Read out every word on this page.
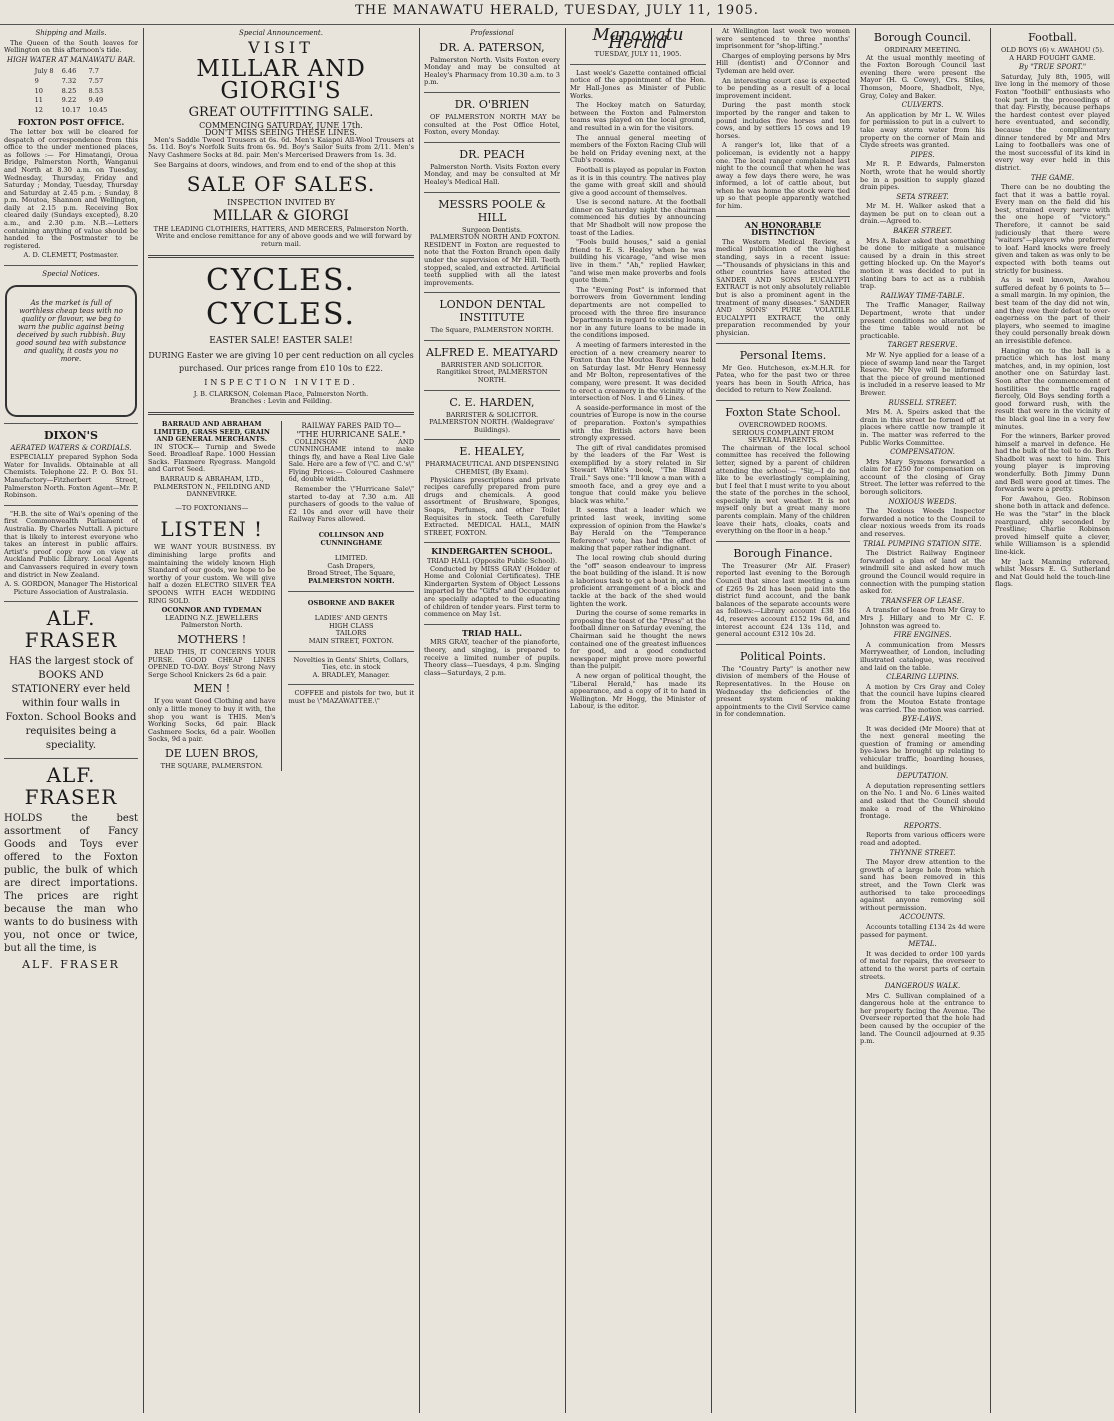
THE MANAWATU HERALD, TUESDAY, JULY 11, 1905.
Shipping and Mails.

The Queen of the South leaves for Wellington on this afternoon's tide.

HIGH WATER AT MANAWATU BAR.
July 8	6.46	7.7
9	7.32	7.57
10	8.25	8.53
11	9.22	9.49
12	10.17	10.45
FOXTON POST OFFICE.

The letter box will be cleared for despatch of correspondence from this office to the under mentioned places, as follows :— For Himatangi, Oroua Bridge, Palmerston North, Wanganui and North at 8.30 a.m. on Tuesday, Wednesday, Thursday, Friday and Saturday ; Monday, Tuesday, Thursday and Saturday at 2.45 p.m. ; Sunday, 8 p.m. Moutoa, Shannon and Wellington, daily at 2.15 p.m. Receiving Box cleared daily (Sundays excepted), 8.20 a.m., and 2.30 p.m. N.B.—Letters containing anything of value should be handed to the Postmaster to be registered.

A. D. CLEMETT, Postmaster.
Special Notices.
As the market is full of worthless cheap teas with no quality or flavour, we beg to warn the public against being deceived by such rubbish. Buy good sound tea with substance and quality, it costs you no more.
DIXON'S
AERATED WATERS & CORDIALS.

ESPECIALLY prepared Syphon Soda Water for Invalids. Obtainable at all Chemists. Telephone 22. P. O. Box 51. Manufactory—Fitzherbert Street, Palmerston North. Foxton Agent—Mr. P. Robinson.

"H.B. the site of Wai's opening of the first Commonwealth Parliament of Australia. By Charles Nuttall. A picture that is likely to interest everyone who takes an interest in public affairs. Artist's proof copy now on view at Auckland Public Library. Local Agents and Canvassers required in every town and district in New Zealand.

A. S. GORDON, Manager The Historical Picture Association of Australasia.
ALF. FRASER
HAS the largest stock of BOOKS AND STATIONERY ever held within four walls in Foxton. School Books and requisites being a speciality.
ALF. FRASER
HOLDS the best assortment of Fancy Goods and Toys ever offered to the Foxton public, the bulk of which are direct importations. The prices are right because the man who wants to do business with you, not once or twice, but all the time, is
ALF. FRASER
Special Announcement.
VISIT
MILLAR AND GIORGI'S
GREAT OUTFITTING SALE.
COMMENCING SATURDAY, JUNE 17th.
DON'T MISS SEEING THESE LINES.

Men's Saddle Tweed Trousers at 6s. 6d. Men's Kaiapoi All-Wool Trousers at 5s. 11d. Boy's Norfolk Suits from 6s. 9d. Boy's Sailor Suits from 2/11. Men's Navy Cashmere Socks at 8d. pair. Men's Mercerised Drawers from 1s. 3d.

See Bargains at doors, windows, and from end to end of the shop at this

SALE OF SALES.
INSPECTION INVITED BY
MILLAR & GIORGI
THE LEADING CLOTHIERS, HATTERS, AND MERCERS, Palmerston North.

Write and enclose remittance for any of above goods and we will forward by return mail.

CYCLES. CYCLES.
EASTER SALE! EASTER SALE!
DURING Easter we are giving 10 per cent reduction on all cycles purchased. Our prices range from £10 10s to £22.
INSPECTION INVITED.
J. B. CLARKSON, Coleman Place, Palmerston North.
Branches : Levin and Feilding.
BARRAUD AND ABRAHAM LIMITED, GRASS SEED, GRAIN AND GENERAL MERCHANTS.

IN STOCK— Turnip and Swede Seed. Broadleaf Rape. 1000 Hessian Sacks. Flaxmere Ryegrass. Mangold and Carrot Seed.

BARRAUD & ABRAHAM, LTD., PALMERSTON N., FEILDING AND DANNEVIRKE.
—TO FOXTONIANS—
LISTEN !

WE WANT YOUR BUSINESS. BY diminishing large profits and maintaining the widely known High Standard of our goods, we hope to be worthy of your custom. We will give half a dozen ELECTRO SILVER TEA SPOONS WITH EACH WEDDING RING SOLD.

OCONNOR AND TYDEMAN
LEADING N.Z. JEWELLERS Palmerston North.
MOTHERS !

READ THIS, IT CONCERNS YOUR PURSE. GOOD CHEAP LINES OPENED TO-DAY. Boys' Strong Navy Serge School Knickers 2s 6d a pair.

MEN !

If you want Good Clothing and have only a little money to buy it with, the shop you want is THIS. Men's Working Socks, 6d pair. Black Cashmere Socks, 6d a pair. Woollen Socks, 9d a pair.

DE LUEN BROS,
THE SQUARE, PALMERSTON.
RAILWAY FARES PAID TO—
"THE HURRICANE SALE."

COLLINSON AND CUNNINGHAME intend to make things fly, and have a Real Live Gale Sale. Here are a few of \"C. and C.'s\" Flying Prices:— Coloured Cashmere 6d, double width.

Remember the \"Hurricane Sale\" started to-day at 7.30 a.m. All purchasers of goods to the value of £2 10s and over will have their Railway Fares allowed.

COLLINSON AND CUNNINGHAME
LIMITED.
Cash Drapers,
Broad Street, The Square,
PALMERSTON NORTH.
OSBORNE AND BAKER
LADIES' AND GENTS
HIGH CLASS
TAILORS
MAIN STREET, FOXTON.
Novelties in Gents' Shirts, Collars, Ties, etc. in stock
A. BRADLEY, Manager.

COFFEE and pistols for two, but it must be \"MAZAWATTEE.\"

Professional
DR. A. PATERSON,

Palmerston North. Visits Foxton every Monday and may be consulted at Healey's Pharmacy from 10.30 a.m. to 3 p.m.

DR. O'BRIEN

OF PALMERSTON NORTH MAY be consulted at the Post Office Hotel, Foxton, every Monday.

DR. PEACH

Palmerston North. Visits Foxton every Monday, and may be consulted at Mr Healey's Medical Hall.

MESSRS POOLE & HILL
Surgeon Dentists.

PALMERSTON NORTH AND FOXTON. RESIDENT in Foxton are requested to note that the Foxton Branch open daily under the supervision of Mr Hill. Teeth stopped, scaled, and extracted. Artificial teeth supplied with all the latest improvements.

LONDON DENTAL INSTITUTE
The Square, PALMERSTON NORTH.
ALFRED E. MEATYARD
BARRISTER AND SOLICITOR. Rangitikei Street, PALMERSTON NORTH.
C. E. HARDEN,
BARRISTER & SOLICITOR. PALMERSTON NORTH. (Waldegrave' Buildings).
E. HEALEY,
PHARMACEUTICAL AND DISPENSING CHEMIST, (By Exam).

Physicians prescriptions and private recipes carefully prepared from pure drugs and chemicals. A good assortment of Brushware, Sponges, Soaps, Perfumes, and other Toilet Requisites in stock. Teeth Carefully Extracted. MEDICAL HALL, MAIN STREET, FOXTON.

KINDERGARTEN SCHOOL.
TRIAD HALL (Opposite Public School).

Conducted by MISS GRAY (Holder of Home and Colonial Certificates). THE Kindergarten System of Object Lessons imparted by the "Gifts" and Occupations are specially adapted to the educating of children of tender years. First term to commence on May 1st.

TRIAD HALL.

MRS GRAY, teacher of the pianoforte, theory, and singing, is prepared to receive a limited number of pupils. Theory class—Tuesdays, 4 p.m. Singing class—Saturdays, 2 p.m.

Manawatu Herald
TUESDAY, JULY 11, 1905.

Last week's Gazette contained official notice of the appointment of the Hon. Mr Hall-Jones as Minister of Public Works.

The Hockey match on Saturday, between the Foxton and Palmerston teams was played on the local ground, and resulted in a win for the visitors.

The annual general meeting of members of the Foxton Racing Club will be held on Friday evening next, at the Club's rooms.

Football is played as popular in Foxton as it is in this country. The natives play the game with great skill and should give a good account of themselves.

Use is second nature. At the football dinner on Saturday night the chairman commenced his duties by announcing that Mr Shadbolt will now propose the toast of the Ladies.

"Fools build houses," said a genial friend to E. S. Healey when he was building his vicarage, "and wise men live in them." "Ah," replied Hawker, "and wise men make proverbs and fools quote them."

The "Evening Post" is informed that borrowers from Government lending departments are not compelled to proceed with the three fire insurance Departments in regard to existing loans, nor in any future loans to be made in the conditions imposed.

A meeting of farmers interested in the erection of a new creamery nearer to Foxton than the Moutoa Road was held on Saturday last. Mr Henry Hennessy and Mr Bolton, representatives of the company, were present. It was decided to erect a creamery in the vicinity of the intersection of Nos. 1 and 6 Lines.

A seaside-performance in most of the countries of Europe is now in the course of preparation. Foxton's sympathies with the British actors have been strongly expressed.

The gift of rival candidates promised by the leaders of the Far West is exemplified by a story related in Sir Stewart White's book, "The Blazed Trail." Says one: "I'll know a man with a smooth face, and a grey eye and a tongue that could make you believe black was white."

It seems that a leader which we printed last week, inviting some expression of opinion from the Hawke's Bay Herald on the "Temperance Reference" vote, has had the effect of making that paper rather indignant.

The local rowing club should during the "off" season endeavour to impress the boat building of the island. It is now a laborious task to get a boat in, and the proficient arrangement of a block and tackle at the back of the shed would lighten the work.

During the course of some remarks in proposing the toast of the "Press" at the football dinner on Saturday evening, the Chairman said he thought the news contained one of the greatest influences for good, and a good conducted newspaper might prove more powerful than the pulpit.

A new organ of political thought, the "Liberal Herald," has made its appearance, and a copy of it to hand in Wellington. Mr Hogg, the Minister of Labour, is the editor.

At Wellington last week two women were sentenced to three months' imprisonment for "shop-lifting."

Charges of employing persons by Mrs Hill (dentist) and O'Connor and Tydeman are held over.

An interesting court case is expected to be pending as a result of a local improvement incident.

During the past month stock imported by the ranger and taken to pound includes five horses and ten cows, and by settlers 15 cows and 19 horses.

A ranger's lot, like that of a policeman, is evidently not a happy one. The local ranger complained last night to the council that when he was away a few days there were, he was informed, a lot of cattle about, but when he was home the stock were tied up so that people apparently watched for him.

AN HONORABLE DISTINCTION

The Western Medical Review, a medical publication of the highest standing, says in a recent issue:—"Thousands of physicians in this and other countries have attested the SANDER AND SONS EUCALYPTI EXTRACT is not only absolutely reliable but is also a prominent agent in the treatment of many diseases." SANDER AND SONS' PURE VOLATILE EUCALYPTI EXTRACT, the only preparation recommended by your physician.

Personal Items.

Mr Geo. Hutcheson, ex-M.H.R. for Patea, who for the past two or three years has been in South Africa, has decided to return to New Zealand.

Foxton State School.
OVERCROWDED ROOMS.
SERIOUS COMPLAINT FROM SEVERAL PARENTS.

The chairman of the local school committee has received the following letter, signed by a parent of children attending the school:— "Sir,—I do not like to be everlastingly complaining, but I feel that I must write to you about the state of the porches in the school, especially in wet weather. It is not myself only but a great many more parents complain. Many of the children leave their hats, cloaks, coats and everything on the floor in a heap."

Borough Finance.

The Treasurer (Mr Alf. Fraser) reported last evening to the Borough Council that since last meeting a sum of £265 9s 2d has been paid into the district fund account, and the bank balances of the separate accounts were as follows:—Library account £38 16s 4d, reserves account £152 19s 6d, and interest account £24 13s 11d, and general account £312 10s 2d.

Political Points.

The "Country Party" is another new division of members of the House of Representatives. In the House on Wednesday the deficiencies of the present system of making appointments to the Civil Service came in for condemnation.

Borough Council.
ORDINARY MEETING.

At the usual monthly meeting of the Foxton Borough Council last evening there were present the Mayor (H. G. Cowey), Crs. Stiles, Thomson, Moore, Shadbolt, Nye, Gray, Coley and Baker.

CULVERTS.

An application by Mr L. W. Wiles for permission to put in a culvert to take away storm water from his property on the corner of Main and Clyde streets was granted.

PIPES.

Mr R. P. Edwards, Palmerston North, wrote that he would shortly be in a position to supply glazed drain pipes.

SETA STREET.

Mr M. H. Walker asked that a daymen be put on to clean out a drain.—Agreed to.

BAKER STREET.

Mrs A. Baker asked that something be done to mitigate a nuisance caused by a drain in this street getting blocked up. On the Mayor's motion it was decided to put in slanting bars to act as a rubbish trap.

RAILWAY TIME-TABLE.

The Traffic Manager, Railway Department, wrote that under present conditions no alteration of the time table would not be practicable.

TARGET RESERVE.

Mr W. Nye applied for a lease of a piece of swamp land near the Target Reserve. Mr Nye will be informed that the piece of ground mentioned is included in a reserve leased to Mr Brewer.

RUSSELL STREET.

Mrs M. A. Speirs asked that the drain in this street be formed off at places where cattle now trample it in. The matter was referred to the Public Works Committee.

COMPENSATION.

Mrs Mary Symons forwarded a claim for £250 for compensation on account of the closing of Gray Street. The letter was referred to the borough solicitors.

NOXIOUS WEEDS.

The Noxious Weeds Inspector forwarded a notice to the Council to clear noxious weeds from its roads and reserves.

TRIAL PUMPING STATION SITE.

The District Railway Engineer forwarded a plan of land at the windmill site and asked how much ground the Council would require in connection with the pumping station asked for.

TRANSFER OF LEASE.

A transfer of lease from Mr Gray to Mrs J. Hillary and to Mr C. F. Johnston was agreed to.

FIRE ENGINES.

A communication from Messrs Merryweather, of London, including illustrated catalogue, was received and laid on the table.

CLEARING LUPINS.

A motion by Crs Gray and Coley that the council have lupins cleared from the Moutoa Estate frontage was carried. The motion was carried.

BYE-LAWS.

It was decided (Mr Moore) that at the next general meeting the question of framing or amending bye-laws be brought up relating to vehicular traffic, boarding houses, and buildings.

DEPUTATION.

A deputation representing settlers on the No. 1 and No. 6 Lines waited and asked that the Council should make a road of the Whirokino frontage.

REPORTS.

Reports from various officers were read and adopted.

THYNNE STREET.

The Mayor drew attention to the growth of a large hole from which sand has been removed in this street, and the Town Clerk was authorised to take proceedings against anyone removing soil without permission.

ACCOUNTS.

Accounts totalling £134 2s 4d were passed for payment.

METAL.

It was decided to order 100 yards of metal for repairs, the overseer to attend to the worst parts of certain streets.

DANGEROUS WALK.

Mrs C. Sullivan complained of a dangerous hole at the entrance to her property facing the Avenue. The Overseer reported that the hole had been caused by the occupier of the land. The Council adjourned at 9.35 p.m.

Football.
OLD BOYS (6) v. AWAHOU (5).
A HARD FOUGHT GAME.
By "TRUE SPORT."

Saturday, July 8th, 1905, will live long in the memory of those Foxton "footbill" enthusiasts who took part in the proceedings of that day. Firstly, because perhaps the hardest contest ever played here eventuated, and secondly, because the complimentary dinner tendered by Mr and Mrs Laing to footballers was one of the most successful of its kind in every way ever held in this district.

THE GAME.

There can be no doubting the fact that it was a battle royal. Every man on the field did his best, strained every nerve with the one hope of "victory." Therefore, it cannot be said judiciously that there were "waiters"—players who preferred to loaf. Hard knocks were freely given and taken as was only to be expected with both teams out strictly for business.

As is well known, Awahou suffered defeat by 6 points to 5—a small margin. In my opinion, the best team of the day did not win, and they owe their defeat to over-eagerness on the part of their players, who seemed to imagine they could personally break down an irresistible defence.

Hanging on to the ball is a practice which has lost many matches, and, in my opinion, lost another one on Saturday last. Soon after the commencement of hostilities the battle raged fiercely, Old Boys sending forth a good forward rush, with the result that were in the vicinity of the black goal line in a very few minutes.

For the winners, Barker proved himself a marvel in defence. He had the bulk of the toil to do. Bert Shadbolt was next to him. This young player is improving wonderfully. Both Jimmy Dunn and Bell were good at times. The forwards were a pretty.

For Awahou, Geo. Robinson shone both in attack and defence. He was the "star" in the black rearguard, ably seconded by Prestline; Charlie Robinson proved himself quite a clever, while Williamson is a splendid line-kick.

Mr Jack Manning refereed, whilst Messrs E. G. Sutherland and Nat Gould held the touch-line flags.
